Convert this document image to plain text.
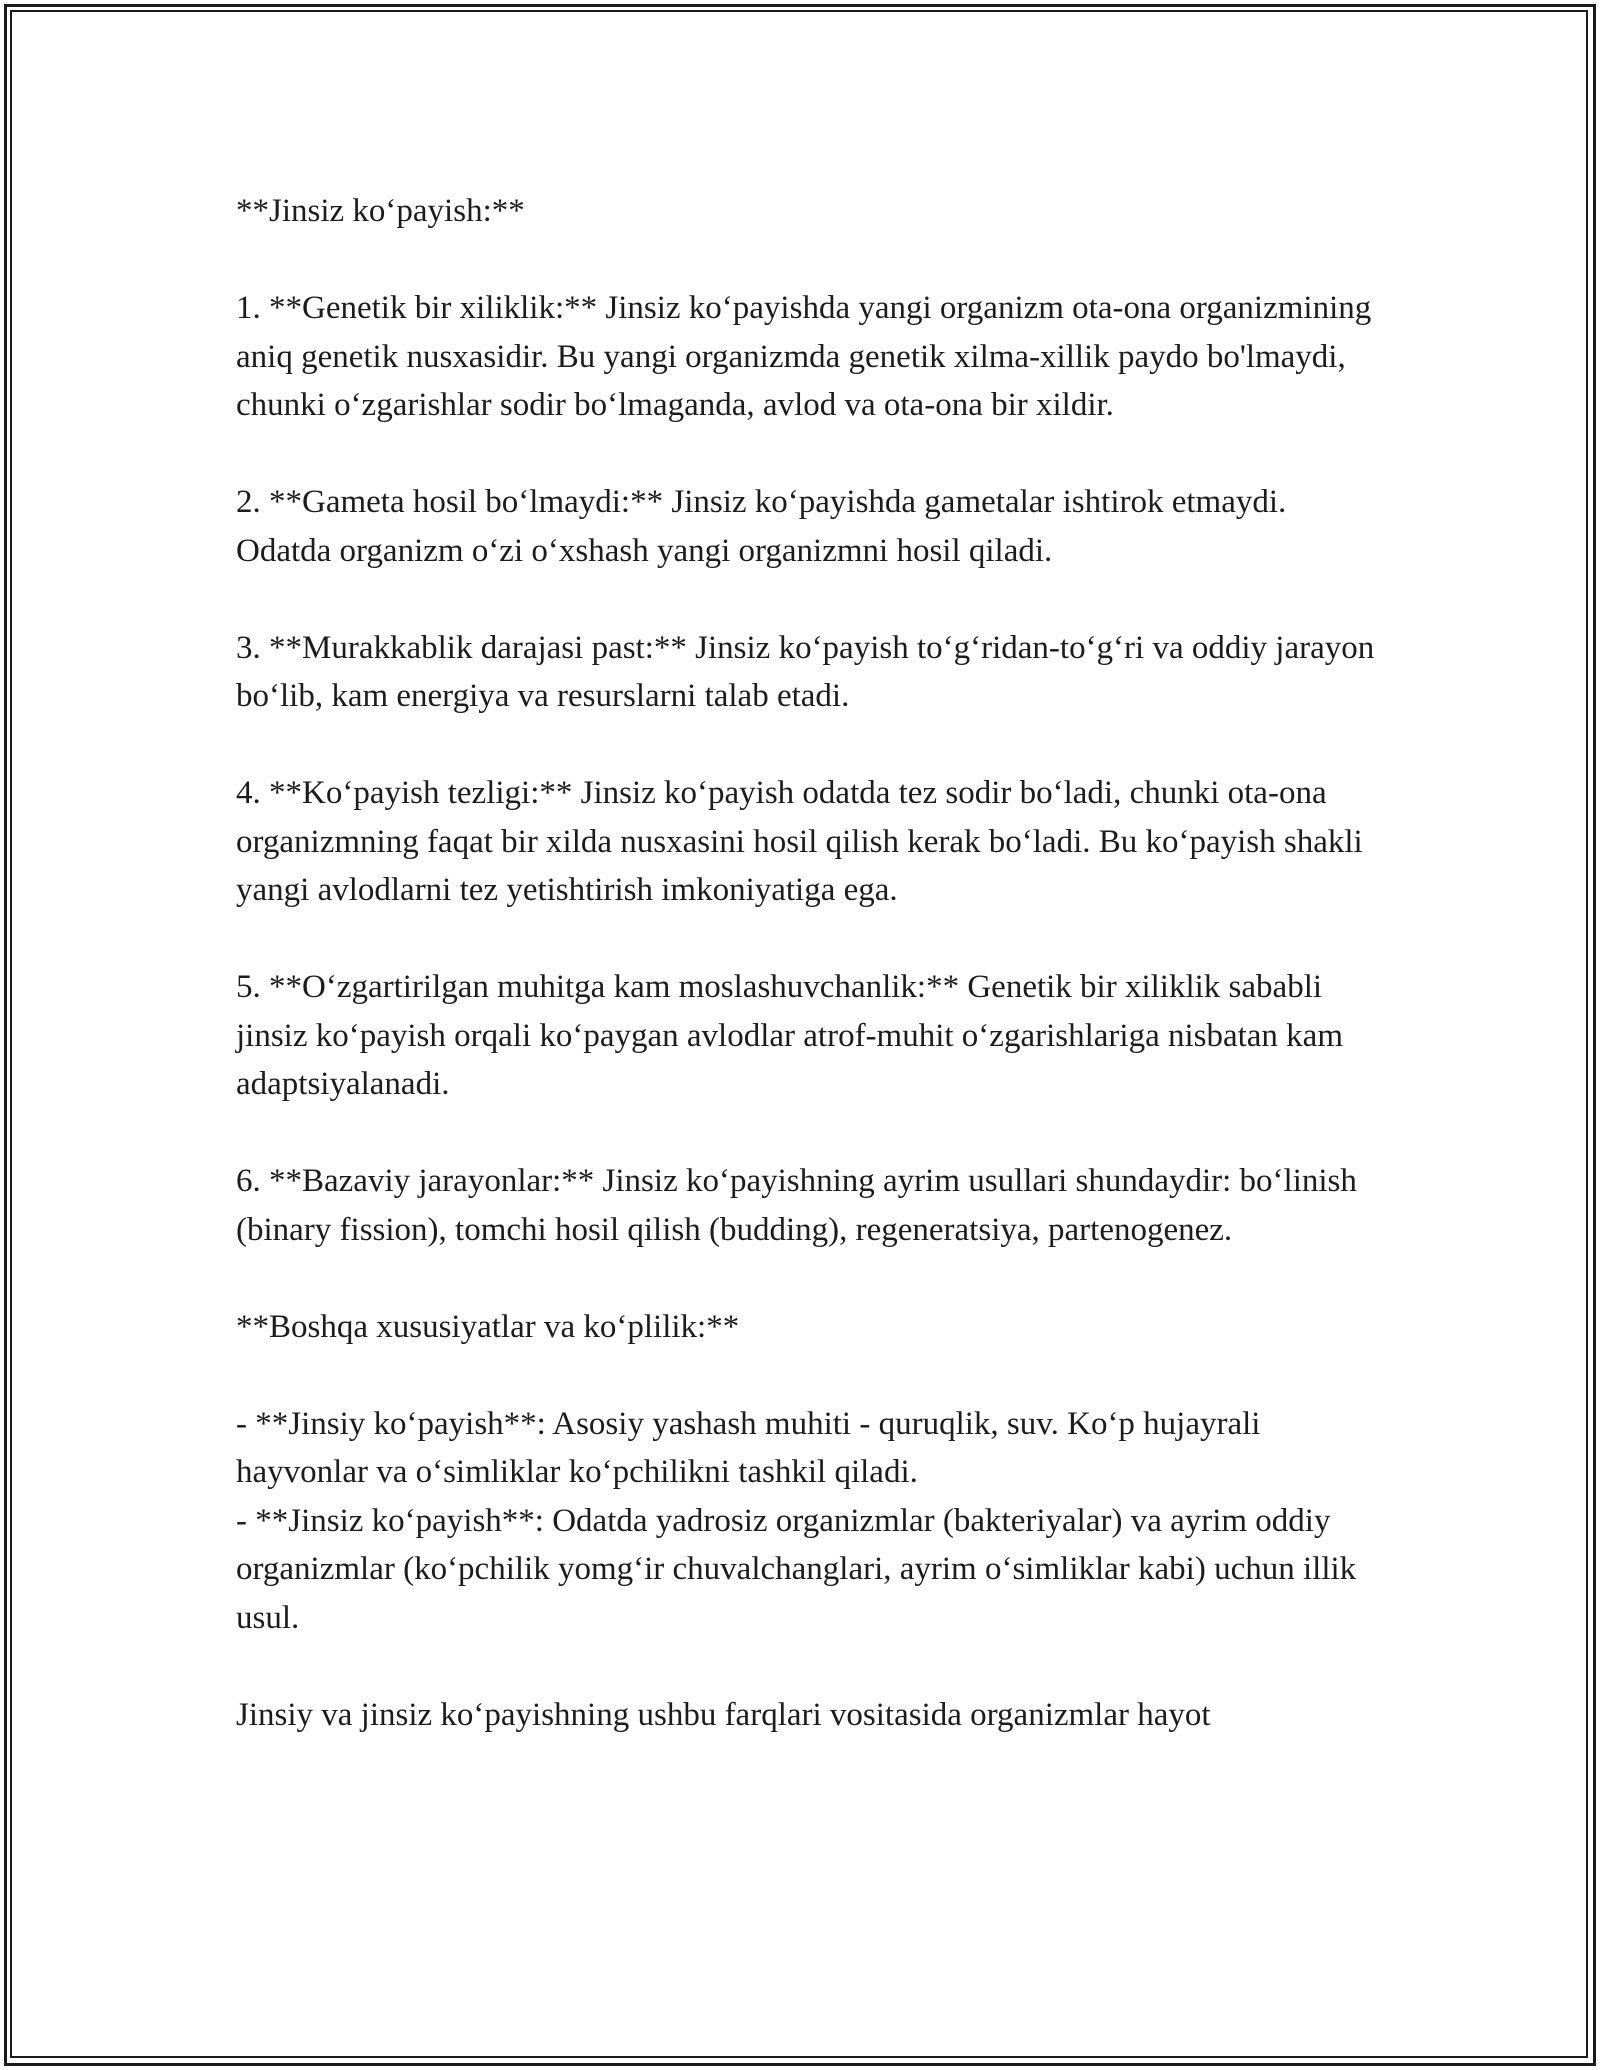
**Jinsiz ko‘payish:**

1. **Genetik bir xiliklik:** Jinsiz ko‘payishda yangi organizm ota-ona organizmining aniq genetik nusxasidir. Bu yangi organizmda genetik xilma-xillik paydo bo'lmaydi, chunki o‘zgarishlar sodir bo‘lmaganda, avlod va ota-ona bir xildir.

2. **Gameta hosil bo‘lmaydi:** Jinsiz ko‘payishda gametalar ishtirok etmaydi. Odatda organizm o‘zi o‘xshash yangi organizmni hosil qiladi.

3. **Murakkablik darajasi past:** Jinsiz ko‘payish to‘g‘ridan-to‘g‘ri va oddiy jarayon bo‘lib, kam energiya va resurslarni talab etadi.

4. **Ko‘payish tezligi:** Jinsiz ko‘payish odatda tez sodir bo‘ladi, chunki ota-ona organizmning faqat bir xilda nusxasini hosil qilish kerak bo‘ladi. Bu ko‘payish shakli yangi avlodlarni tez yetishtirish imkoniyatiga ega.

5. **O‘zgartirilgan muhitga kam moslashuvchanlik:** Genetik bir xiliklik sababli jinsiz ko‘payish orqali ko‘paygan avlodlar atrof-muhit o‘zgarishlariga nisbatan kam adaptsiyalanadi.

6. **Bazaviy jarayonlar:** Jinsiz ko‘payishning ayrim usullari shundaydir: bo‘linish (binary fission), tomchi hosil qilish (budding), regeneratsiya, partenogenez.

**Boshqa xususiyatlar va ko‘plilik:**

- **Jinsiy ko‘payish**: Asosiy yashash muhiti - quruqlik, suv. Ko‘p hujayrali hayvonlar va o‘simliklar ko‘pchilikni tashkil qiladi.

- **Jinsiz ko‘payish**: Odatda yadrosiz organizmlar (bakteriyalar) va ayrim oddiy organizmlar (ko‘pchilik yomg‘ir chuvalchanglari, ayrim o‘simliklar kabi) uchun illik usul.

Jinsiy va jinsiz ko‘payishning ushbu farqlari vositasida organizmlar hayot
